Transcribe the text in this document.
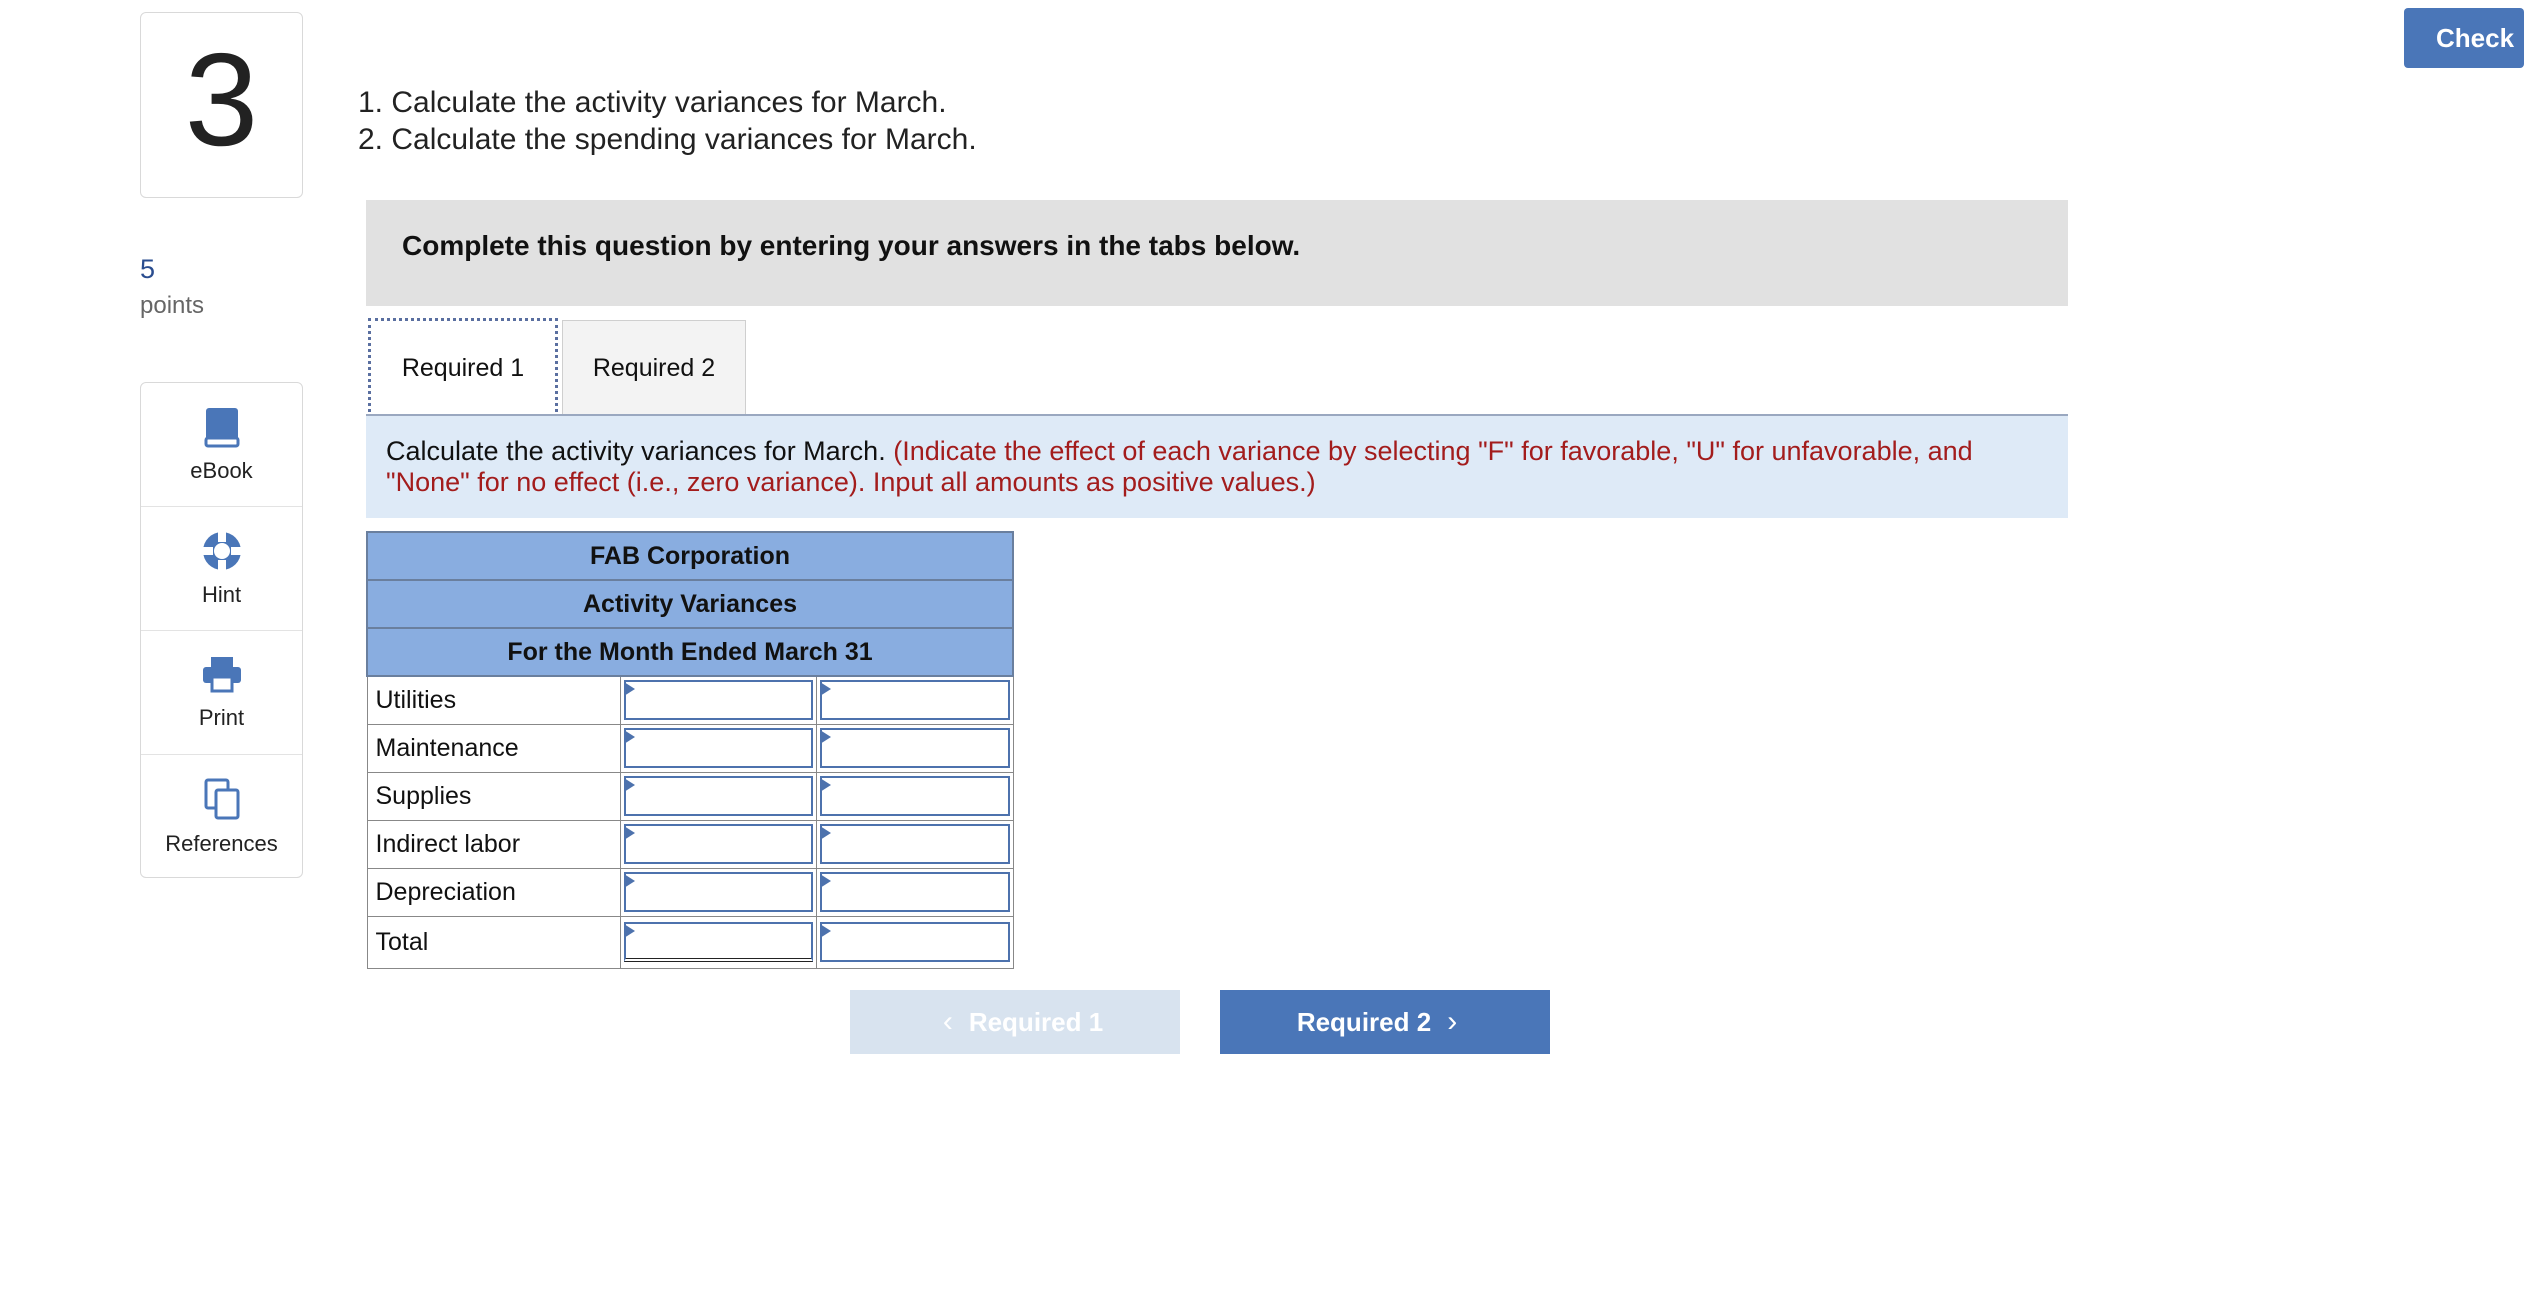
3
5
points
eBook
Hint
Print
References
Check
1. Calculate the activity variances for March.
2. Calculate the spending variances for March.
Complete this question by entering your answers in the tabs below.
Required 1	Required 2
Calculate the activity variances for March. (Indicate the effect of each variance by selecting "F" for favorable, "U" for unfavorable, and "None" for no effect (i.e., zero variance). Input all amounts as positive values.)
FAB Corporation		
Activity Variances		
For the Month Ended March 31		
Utilities	

Maintenance	

Supplies	

Indirect labor	

Depreciation	

Total	

‹ Required 1	Required 2 ›
